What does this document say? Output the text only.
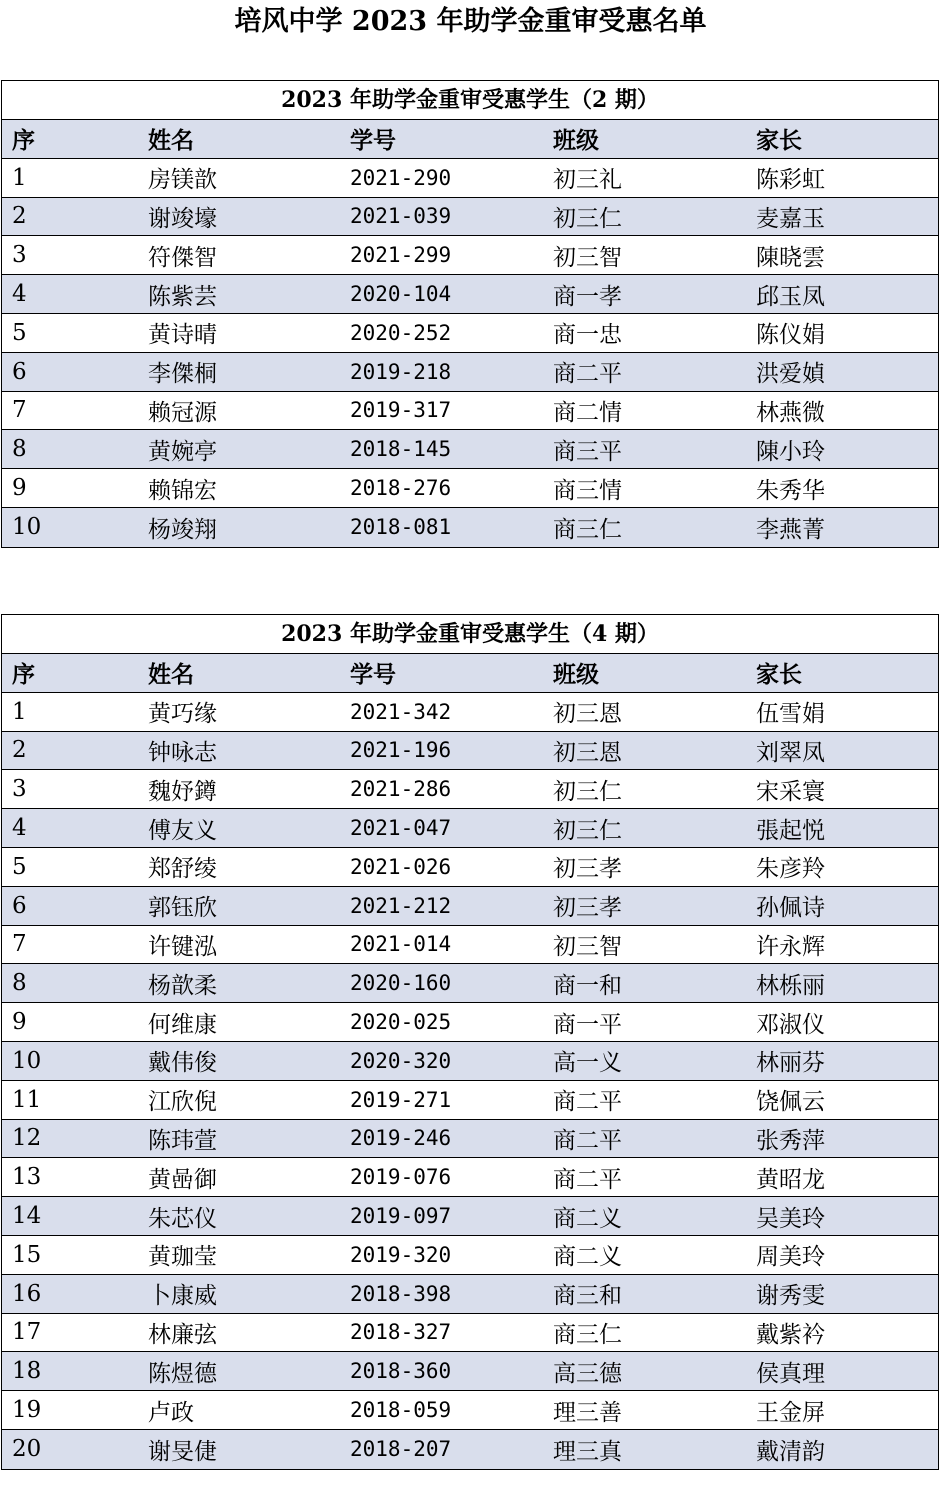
培风中学 2023 年助学金重审受惠名单
2023 年助学金重审受惠学生（2 期）
序	姓名	学号	班级	家长
1	房镁歆	2021-290	初三礼	陈彩虹
2	谢竣壕	2021-039	初三仁	麦嘉玉
3	符傑智	2021-299	初三智	陳晓雲
4	陈紫芸	2020-104	商一孝	邱玉凤
5	黄诗晴	2020-252	商一忠	陈仪娟
6	李傑桐	2019-218	商二平	洪爱媜
7	赖冠源	2019-317	商二情	林燕微
8	黄婉亭	2018-145	商三平	陳小玲
9	赖锦宏	2018-276	商三情	朱秀华
10	杨竣翔	2018-081	商三仁	李燕菁
2023 年助学金重审受惠学生（4 期）
序	姓名	学号	班级	家长
1	黄巧缘	2021-342	初三恩	伍雪娟
2	钟咏志	2021-196	初三恩	刘翠凤
3	魏妤鐏	2021-286	初三仁	宋采寰
4	傅友义	2021-047	初三仁	張起悦
5	郑舒绫	2021-026	初三孝	朱彦羚
6	郭钰欣	2021-212	初三孝	孙佩诗
7	许键泓	2021-014	初三智	许永辉
8	杨歆柔	2020-160	商一和	林栎丽
9	何维康	2020-025	商一平	邓淑仪
10	戴伟俊	2020-320	高一义	林丽芬
11	江欣倪	2019-271	商二平	饶佩云
12	陈玮萱	2019-246	商二平	张秀萍
13	黄喦御	2019-076	商二平	黄昭龙
14	朱芯仪	2019-097	商二义	吴美玲
15	黄珈莹	2019-320	商二义	周美玲
16	卜康威	2018-398	商三和	谢秀雯
17	林廉弦	2018-327	商三仁	戴紫衿
18	陈煜德	2018-360	高三德	侯真理
19	卢政	2018-059	理三善	王金屏
20	谢旻倢	2018-207	理三真	戴清韵
